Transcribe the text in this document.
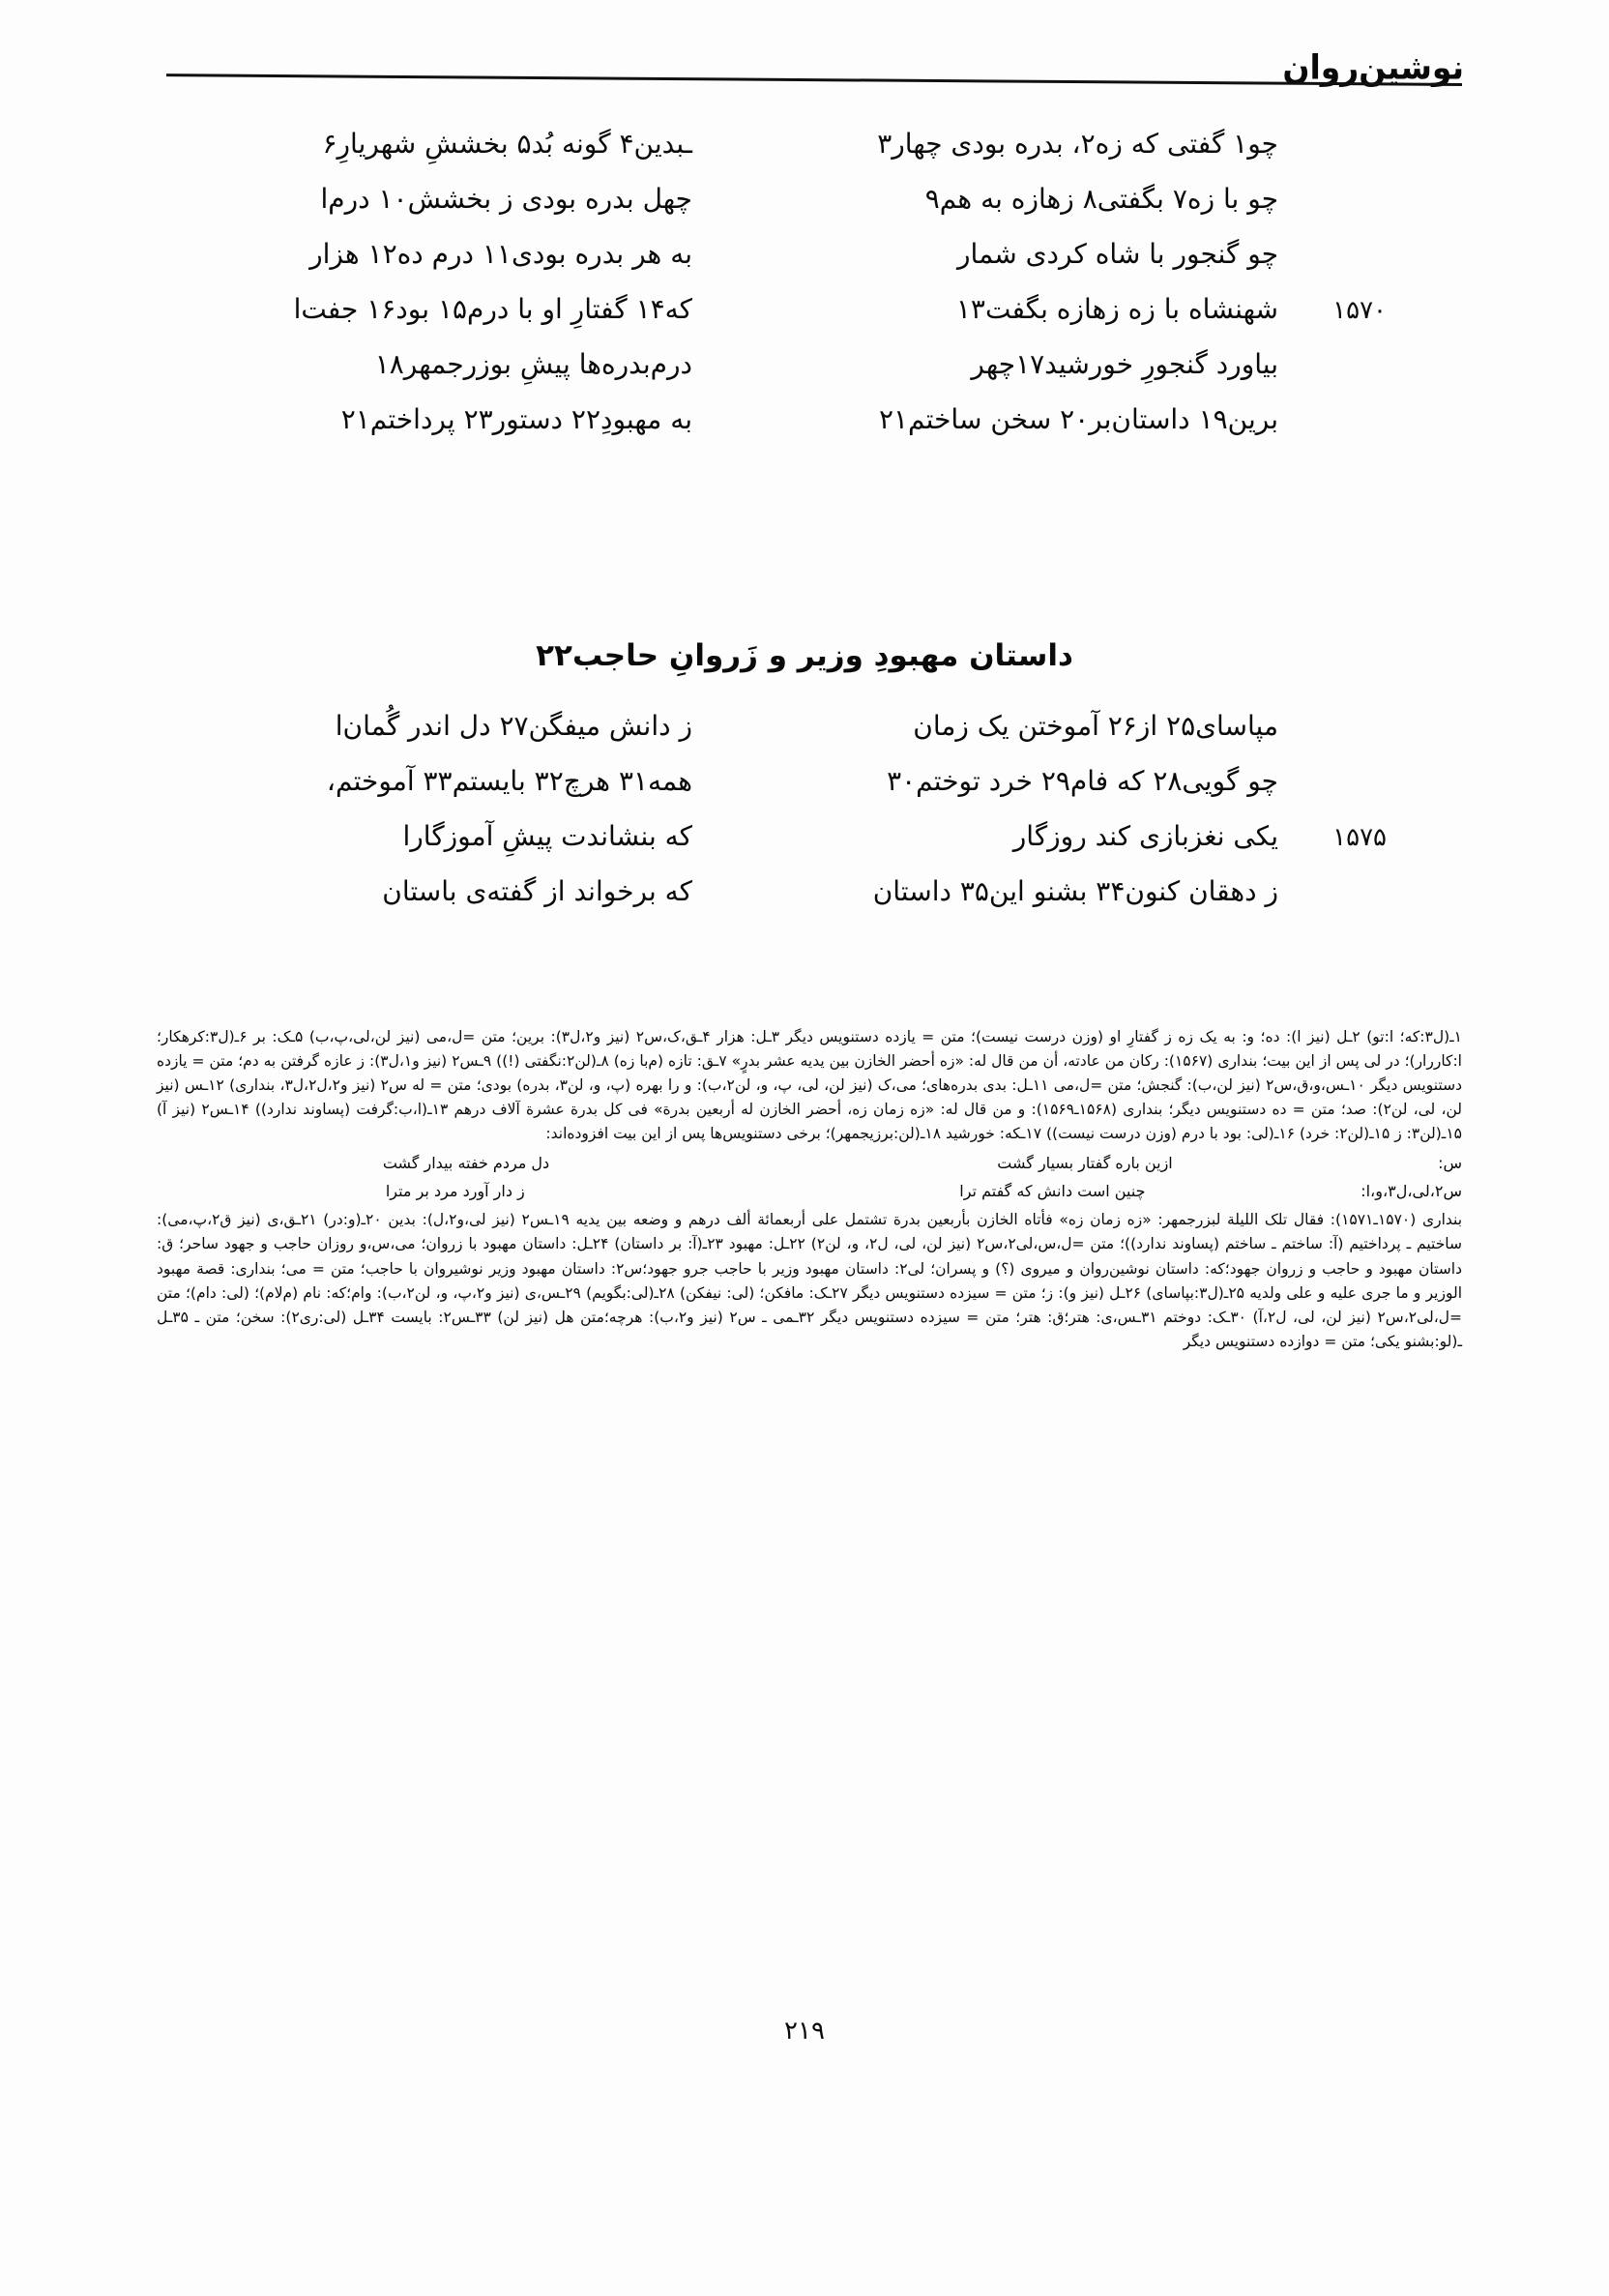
نوشین‌روان
چو۱ گفتی که زه۲، بدره بودی چهار۳
ـبدین۴ گونه بُد۵ بخششِ شهریارِ۶
چو با زه۷ بگفتی۸ زهازه به هم۹
چهل بدره بودی ز بخشش۱۰ درم‌ا
چو گنجور با شاه کردی شمار
به هر بدره بودی۱۱ درم ده۱۲ هزار
۱۵۷۰
شهنشاه با زه زهازه بگفت۱۳
که۱۴ گفتارِ او با درم۱۵ بود۱۶ جفت‌ا
بیاورد گنجورِ خورشید۱۷چهر
درم‌بدره‌ها پیشِ بوزرجمهر۱۸
برین۱۹ داستان‌بر۲۰ سخن ساختم۲۱
به مهبودِ۲۲ دستور۲۳ پرداختم۲۱
داستان مهبودِ وزیر و زَروانِ حاجب۲۲
مپاسای۲۵ از۲۶ آموختن یک زمان
ز دانش میفگن۲۷ دل اندر گُمان‌ا
چو گویی۲۸ که فام۲۹ خرد توختم۳۰
همه۳۱ هرچ۳۲ بایستم۳۳ آموختم،
۱۵۷۵
یکی نغزبازی کند روزگار
که بنشاندت پیشِ آموزگارا
ز دهقان کنون۳۴ بشنو این۳۵ داستان
که برخواند از گفته‌ی باستان

۱ـ(ل۳:که؛ ا:تو) ۲ـل (نیز ا): ده؛ و: به یک زه ز گفتارِ او (وزن درست نیست)؛ متن = یازده دستنویس دیگر ۳ـل: هزار ۴ـق،ک،س۲ (نیز و۲،ل۳): برین؛ متن =ل،می (نیز لن،لی،پ،ب) ۵ـک: بر ۶ـ(ل۳:کرهکار؛ ا:کاررار)؛ در لی پس از این بیت؛ بنداری (۱۵۶۷): ركان من عادته، أن من قال له: «زه أحضر الخازن بین یدیه عشر بدرٍ» ۷ـق: تازه (م‌با زه) ۸ـ(لن۲:نگفتی (!)) ۹ـس۲ (نیز و۱،ل۳): ز عازه گرفتن به دم؛ متن = یازده دستنویس دیگر ۱۰ـس،و،ق،س۲ (نیز لن،ب): گنجش؛ متن =ل،می ۱۱ـل: بدی بدره‌های؛ می،ک (نیز لن، لی، پ، و، لن۲،ب): و را بهره (پ، و، لن۳، بدره) بودی؛ متن = له س۲ (نیز و۲،ل۲،ل۳، بنداری) ۱۲ـس (نیز لن، لی، لن۲): صد؛ متن = ده دستنویس دیگر؛ بنداری (۱۵۶۸ـ۱۵۶۹): و من قال له: «زه زمان زه، أحضر الخازن له أربعین بدرة» فی کل بدرة عشرة آلاف درهم ۱۳ـ(ا،ب:گرفت (پساوند ندارد)) ۱۴ـس۲ (نیز آ) ۱۵ـ(لن۳: ز ۱۵ـ(لن۲: خرد) ۱۶ـ(لی: بود با درم (وزن درست نیست)) ۱۷ـکه: خورشید ۱۸ـ(لن:برزیجمهر)؛ برخی دستنویس‌ها پس از این بیت افزوده‌اند:

س:
ازین باره گفتار بسیار گشت
دل مردم خفته بیدار گشت
س۲،لی،ل۳،و،ا:
چنین است دانش که گفتم ترا
ز دار آورد مرد بر مترا

بنداری (۱۵۷۰ـ۱۵۷۱): فقال تلک اللیلة لبزرجمهر: «زه زمان زه» فأتاه الخازن بأربعین بدرة تشتمل علی أربعمائة ألف درهم و وضعه بین یدیه ۱۹ـس۲ (نیز لی،و۲،ل): بدین ۲۰ـ(و:در) ۲۱ـق،ی (نیز ق۲،پ،می): ساختیم ـ پرداختیم (آ: ساختم ـ ساختم (پساوند ندارد))؛ متن =ل،س،لی۲،س۲ (نیز لن، لی، ل۲، و، لن۲) ۲۲ـل: مهبود ۲۳ـ(آ: بر داستان) ۲۴ـل: داستان مهبود با زروان؛ می،س،و روزان حاجب و جهود ساحر؛ ق: داستان مهبود و حاجب و زروان جهود؛که: داستان نوشین‌روان و میروی (؟) و پسران؛ لی۲: داستان مهبود وزیر با حاجب جرو جهود؛س۲: داستان مهبود وزیر نوشیروان با حاجب؛ متن = می؛ بنداری: قصة مهبود الوزیر و ما جری علیه و علی ولدیه ۲۵ـ(ل۳:بپاسای) ۲۶ـل (نیز و): ز؛ متن = سیزده دستنویس دیگر ۲۷ـک: مافکن؛ (لی: نیفکن) ۲۸ـ(لی:بگویم) ۲۹ـس،ی (نیز و۲،پ، و، لن۲،ب): وام؛که: نام (م‌لام)؛ (لی: دام)؛ متن =ل،لی۲،س۲ (نیز لن، لی، ل۲،آ) ۳۰ـک: دوختم ۳۱ـس،ی: هتر؛ق: هتر؛ متن = سیزده دستنویس دیگر ۳۲ـمی ـ س۲ (نیز و۲،ب): هرچه؛متن هل (نیز لن) ۳۳ـس۲: بایست ۳۴ـل (لی:ری۲): سخن؛ متن ـ ۳۵ـل ـ(لو:بشنو یکی؛ متن = دوازده دستنویس دیگر

۲۱۹
